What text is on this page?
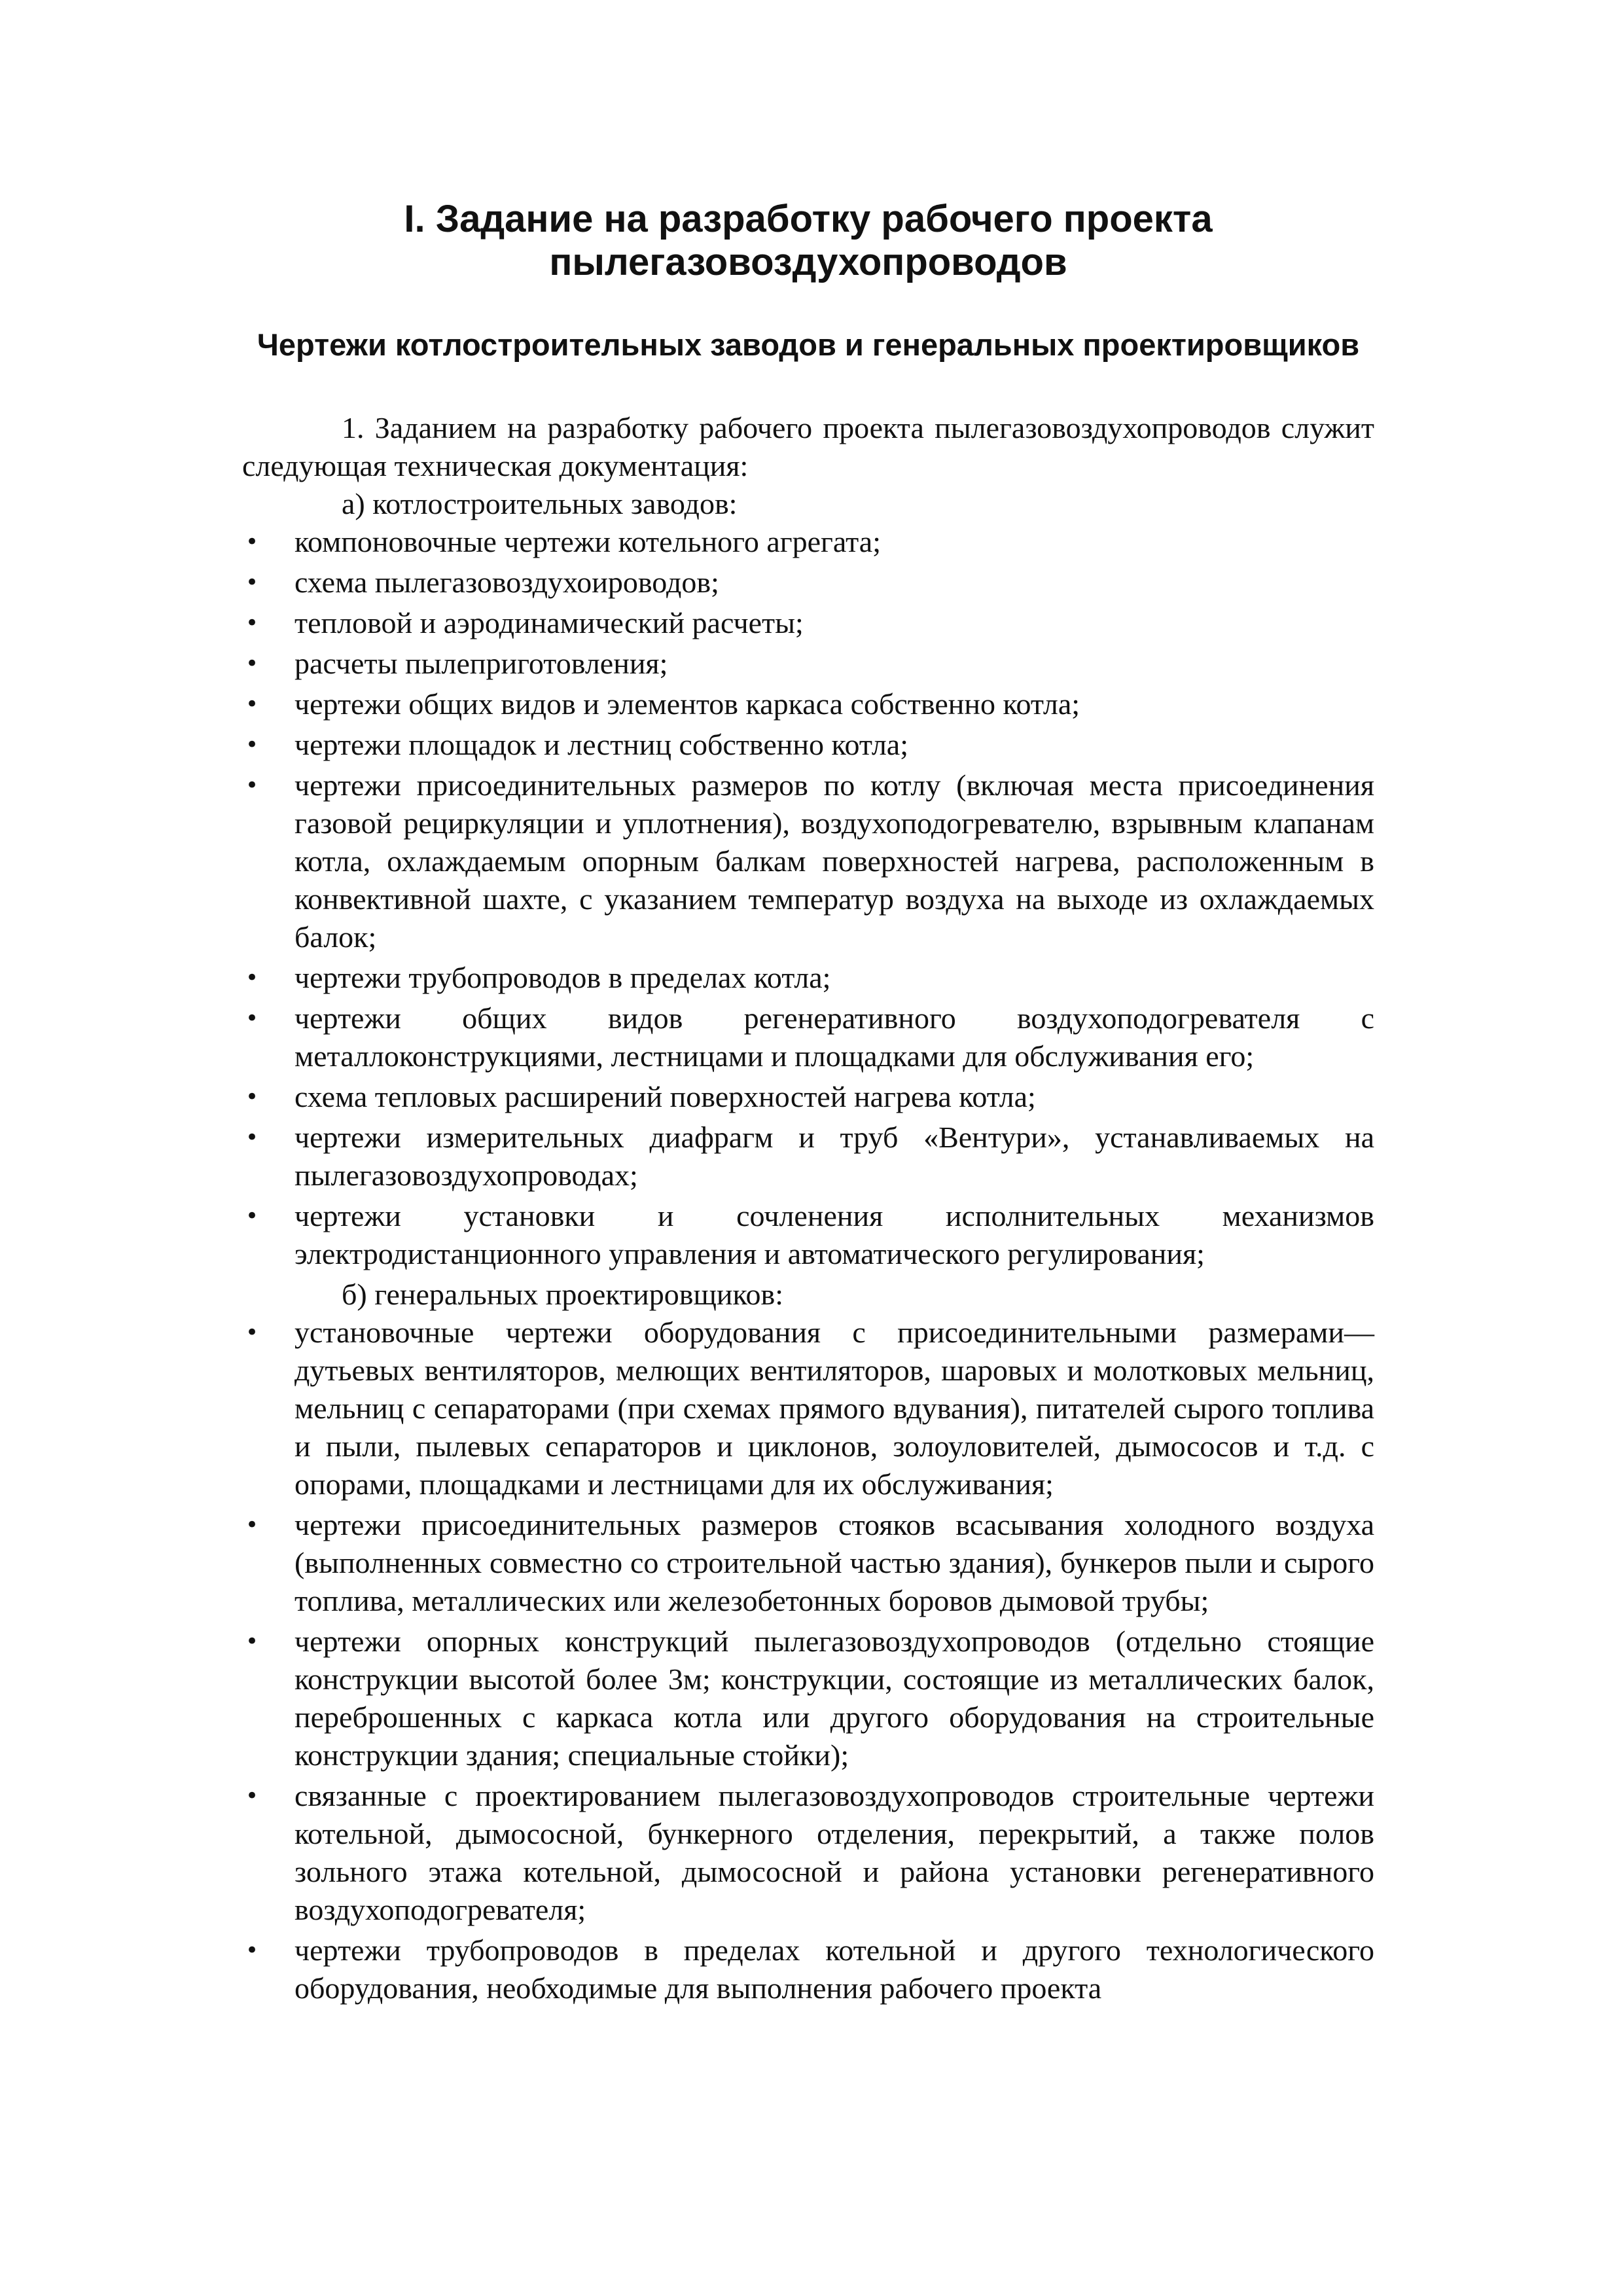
I. Задание на разработку рабочего проекта пылегазовоздухопроводов
Чертежи котлостроительных заводов и генеральных проектировщиков

1. Заданием на разработку рабочего проекта пылегазовоздухопроводов служит следующая техническая документация:

а) котлостроительных заводов:

• компоновочные чертежи котельного агрегата;
• схема пылегазовоздухоироводов;
• тепловой и аэродинамический расчеты;
• расчеты пылеприготовления;
• чертежи общих видов и элементов каркаса собственно котла;
• чертежи площадок и лестниц собственно котла;
• чертежи присоединительных размеров по котлу (включая места присоединения газовой рециркуляции и уплотнения), воздухоподогревателю, взрывным клапанам котла, охлаждаемым опорным балкам поверхностей нагрева, расположенным в конвективной шахте, с указанием температур воздуха на выходе из охлаждаемых балок;
• чертежи трубопроводов в пределах котла;
• чертежи общих видов регенеративного воздухоподогревателя с металлоконструкциями, лестницами и площадками для обслуживания его;
• схема тепловых расширений поверхностей нагрева котла;
• чертежи измерительных диафрагм и труб «Вентури», устанавливаемых на пылегазовоздухопроводах;
• чертежи установки и сочленения исполнительных механизмов электродистанционного управления и автоматического регулирования;

б) генеральных проектировщиков:

• установочные чертежи оборудования с присоединительными размерами— дутьевых вентиляторов, мелющих вентиляторов, шаровых и молотковых мельниц, мельниц с сепараторами (при схемах прямого вдувания), питателей сырого топлива и пыли, пылевых сепараторов и циклонов, золоуловителей, дымососов и т.д. с опорами, площадками и лестницами для их обслуживания;
• чертежи присоединительных размеров стояков всасывания холодного воздуха (выполненных совместно со строительной частью здания), бункеров пыли и сырого топлива, металлических или железобетонных боровов дымовой трубы;
• чертежи опорных конструкций пылегазовоздухопроводов (отдельно стоящие конструкции высотой более 3м; конструкции, состоящие из металлических балок, переброшенных с каркаса котла или другого оборудования на строительные конструкции здания; специальные стойки);
• связанные с проектированием пылегазовоздухопроводов строительные чертежи котельной, дымососной, бункерного отделения, перекрытий, а также полов зольного этажа котельной, дымососной и района установки регенеративного воздухоподогревателя;
• чертежи трубопроводов в пределах котельной и другого технологического оборудования, необходимые для выполнения рабочего проекта
